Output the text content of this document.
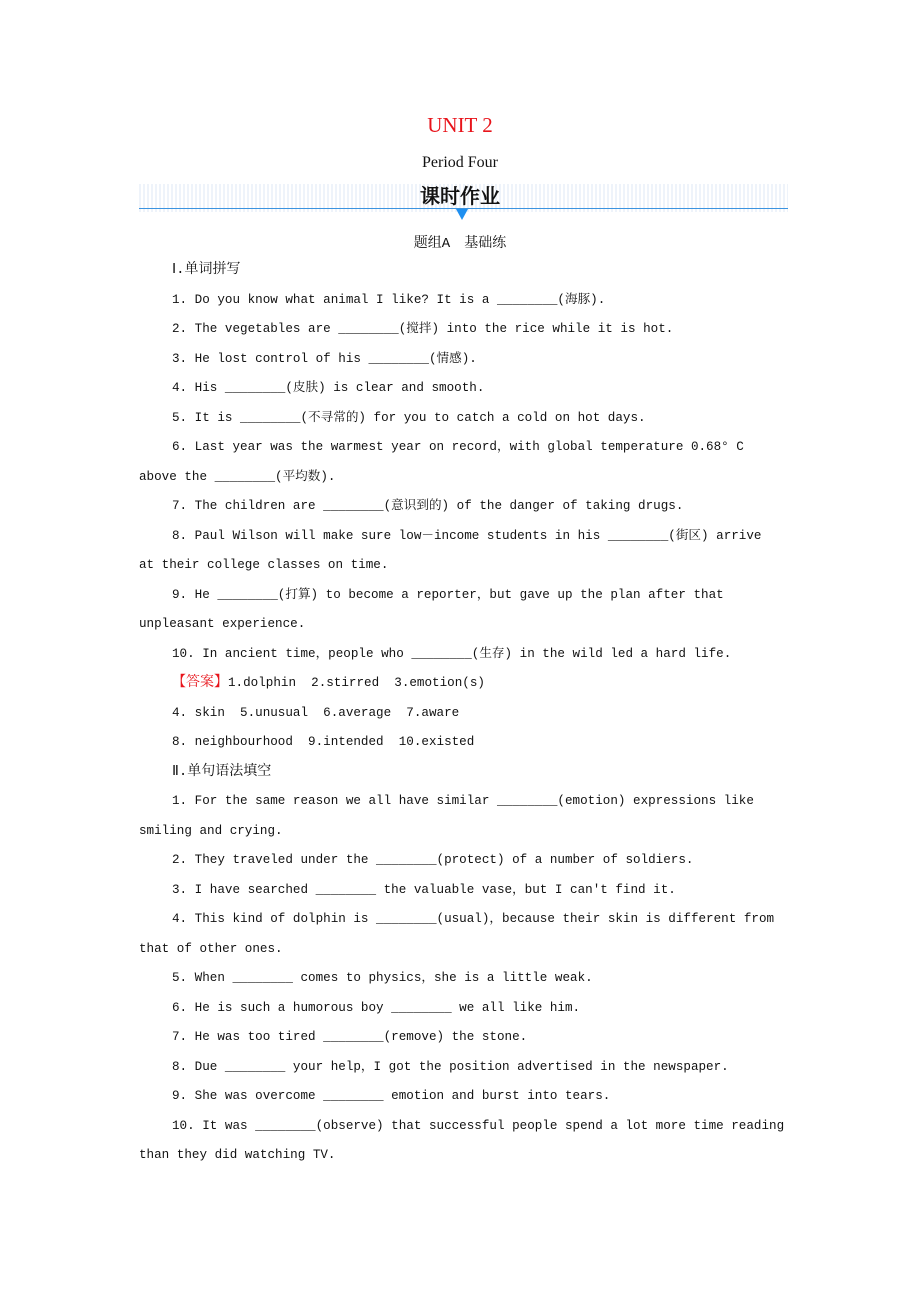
UNIT 2
Period Four
课时作业
题组A　基础练
Ⅰ.单词拼写
1. Do you know what animal I like? It is a ________(海豚).
2. The vegetables are ________(搅拌) into the rice while it is hot.
3. He lost control of his ________(情感).
4. His ________(皮肤) is clear and smooth.
5. It is ________(不寻常的) for you to catch a cold on hot days.
6. Last year was the warmest year on record，with global temperature 0.68° C
above the ________(平均数).
7. The children are ________(意识到的) of the danger of taking drugs.
8. Paul Wilson will make sure low－income students in his ________(街区) arrive
at their college classes on time.
9. He ________(打算) to become a reporter，but gave up the plan after that
unpleasant experience.
10. In ancient time，people who ________(生存) in the wild led a hard life.
【答案】1.dolphin  2.stirred  3.emotion(s)
4. skin  5.unusual  6.average  7.aware
8. neighbourhood  9.intended  10.existed
Ⅱ.单句语法填空
1. For the same reason we all have similar ________(emotion) expressions like
smiling and crying.
2. They traveled under the ________(protect) of a number of soldiers.
3. I have searched ________ the valuable vase，but I can't find it.
4. This kind of dolphin is ________(usual)，because their skin is different from
that of other ones.
5. When ________ comes to physics，she is a little weak.
6. He is such a humorous boy ________ we all like him.
7. He was too tired ________(remove) the stone.
8. Due ________ your help，I got the position advertised in the newspaper.
9. She was overcome ________ emotion and burst into tears.
10. It was ________(observe) that successful people spend a lot more time reading
than they did watching TV.
